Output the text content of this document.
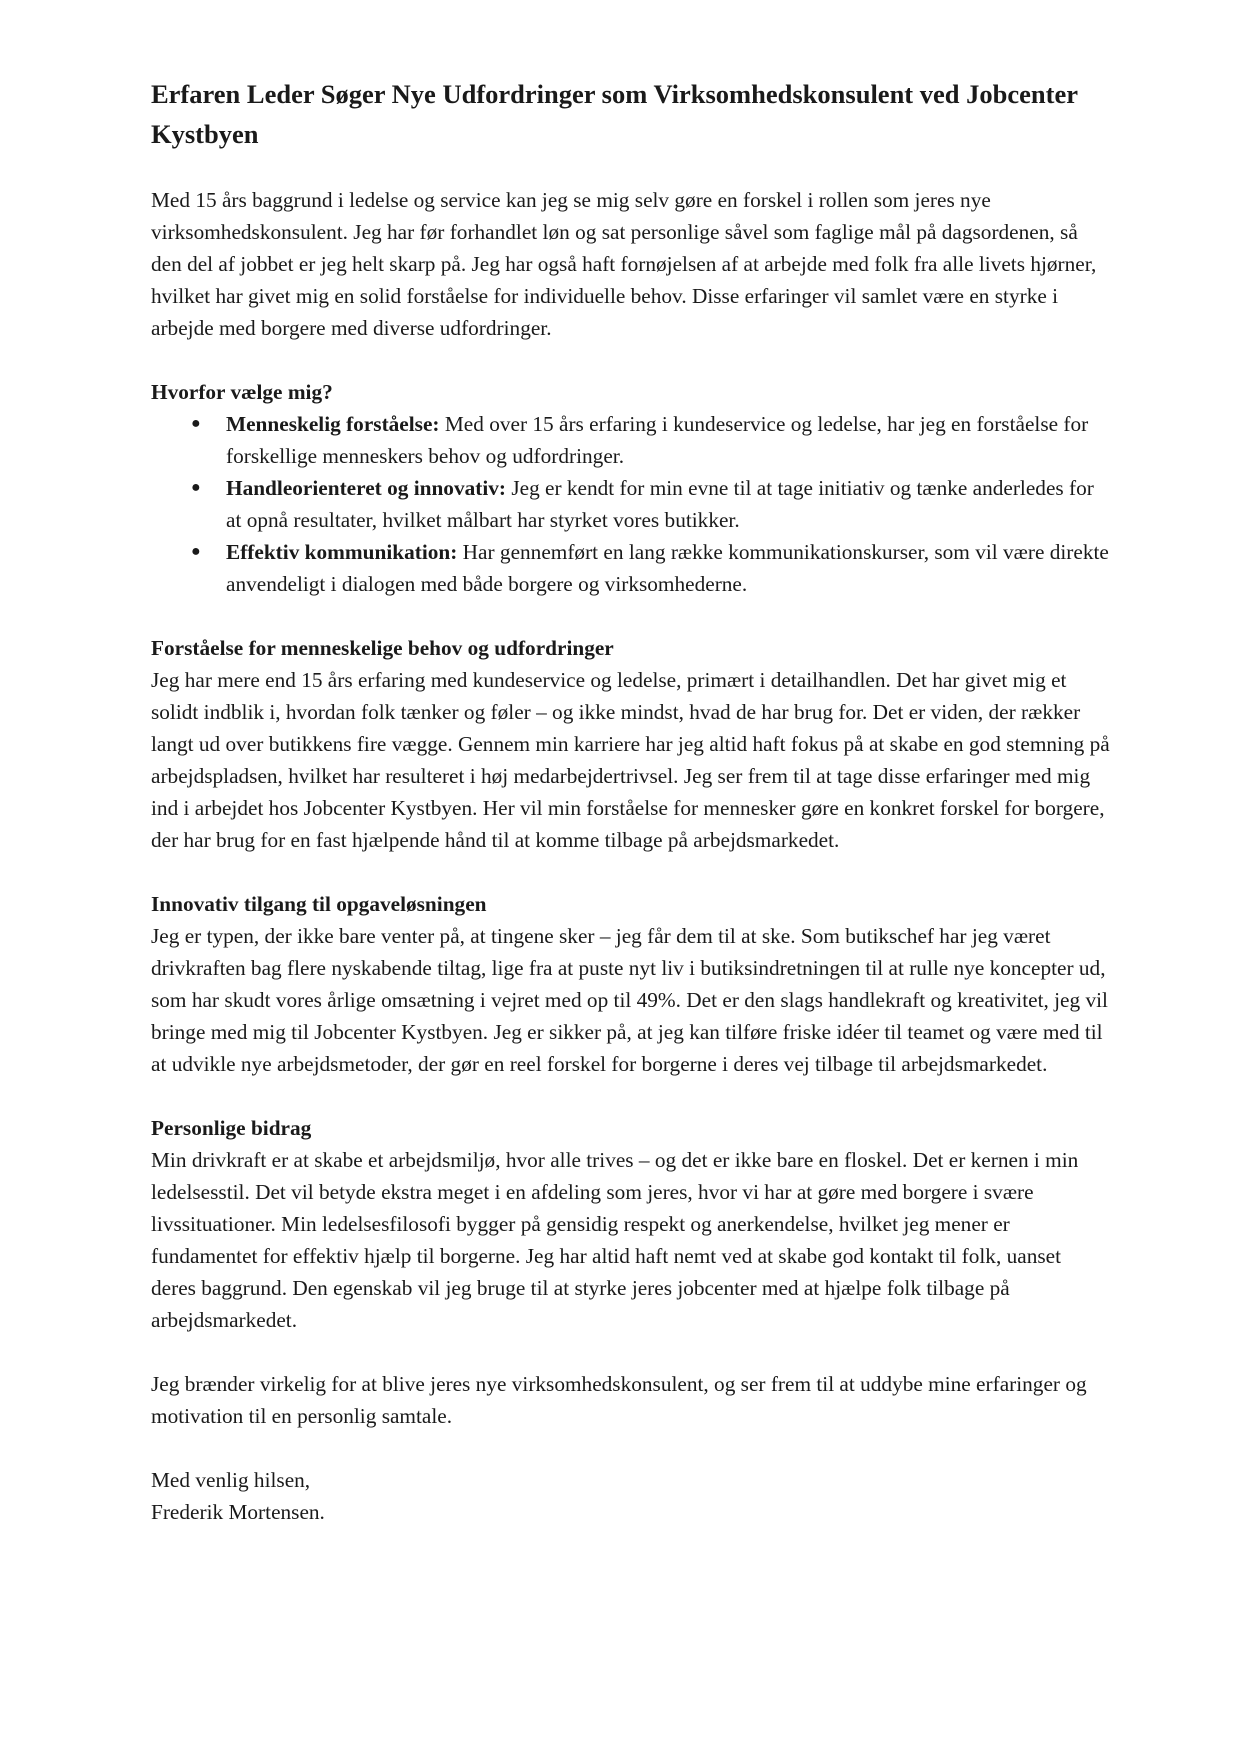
Erfaren Leder Søger Nye Udfordringer som Virksomhedskonsulent ved Jobcenter Kystbyen

Med 15 års baggrund i ledelse og service kan jeg se mig selv gøre en forskel i rollen som jeres nye virksomhedskonsulent. Jeg har før forhandlet løn og sat personlige såvel som faglige mål på dagsordenen, så den del af jobbet er jeg helt skarp på. Jeg har også haft fornøjelsen af at arbejde med folk fra alle livets hjørner, hvilket har givet mig en solid forståelse for individuelle behov. Disse erfaringer vil samlet være en styrke i arbejde med borgere med diverse udfordringer.

Hvorfor vælge mig?
● Menneskelig forståelse: Med over 15 års erfaring i kundeservice og ledelse, har jeg en forståelse for forskellige menneskers behov og udfordringer.
● Handleorienteret og innovativ: Jeg er kendt for min evne til at tage initiativ og tænke anderledes for at opnå resultater, hvilket målbart har styrket vores butikker.
● Effektiv kommunikation: Har gennemført en lang række kommunikationskurser, som vil være direkte anvendeligt i dialogen med både borgere og virksomhederne.
Forståelse for menneskelige behov og udfordringer

Jeg har mere end 15 års erfaring med kundeservice og ledelse, primært i detailhandlen. Det har givet mig et solidt indblik i, hvordan folk tænker og føler – og ikke mindst, hvad de har brug for. Det er viden, der rækker langt ud over butikkens fire vægge. Gennem min karriere har jeg altid haft fokus på at skabe en god stemning på arbejdspladsen, hvilket har resulteret i høj medarbejdertrivsel. Jeg ser frem til at tage disse erfaringer med mig ind i arbejdet hos Jobcenter Kystbyen. Her vil min forståelse for mennesker gøre en konkret forskel for borgere, der har brug for en fast hjælpende hånd til at komme tilbage på arbejdsmarkedet.

Innovativ tilgang til opgaveløsningen

Jeg er typen, der ikke bare venter på, at tingene sker – jeg får dem til at ske. Som butikschef har jeg været drivkraften bag flere nyskabende tiltag, lige fra at puste nyt liv i butiksindretningen til at rulle nye koncepter ud, som har skudt vores årlige omsætning i vejret med op til 49%. Det er den slags handlekraft og kreativitet, jeg vil bringe med mig til Jobcenter Kystbyen. Jeg er sikker på, at jeg kan tilføre friske idéer til teamet og være med til at udvikle nye arbejdsmetoder, der gør en reel forskel for borgerne i deres vej tilbage til arbejdsmarkedet.

Personlige bidrag

Min drivkraft er at skabe et arbejdsmiljø, hvor alle trives – og det er ikke bare en floskel. Det er kernen i min ledelsesstil. Det vil betyde ekstra meget i en afdeling som jeres, hvor vi har at gøre med borgere i svære livssituationer. Min ledelsesfilosofi bygger på gensidig respekt og anerkendelse, hvilket jeg mener er fundamentet for effektiv hjælp til borgerne. Jeg har altid haft nemt ved at skabe god kontakt til folk, uanset deres baggrund. Den egenskab vil jeg bruge til at styrke jeres jobcenter med at hjælpe folk tilbage på arbejdsmarkedet.

Jeg brænder virkelig for at blive jeres nye virksomhedskonsulent, og ser frem til at uddybe mine erfaringer og motivation til en personlig samtale.

Med venlig hilsen,
Frederik Mortensen.
